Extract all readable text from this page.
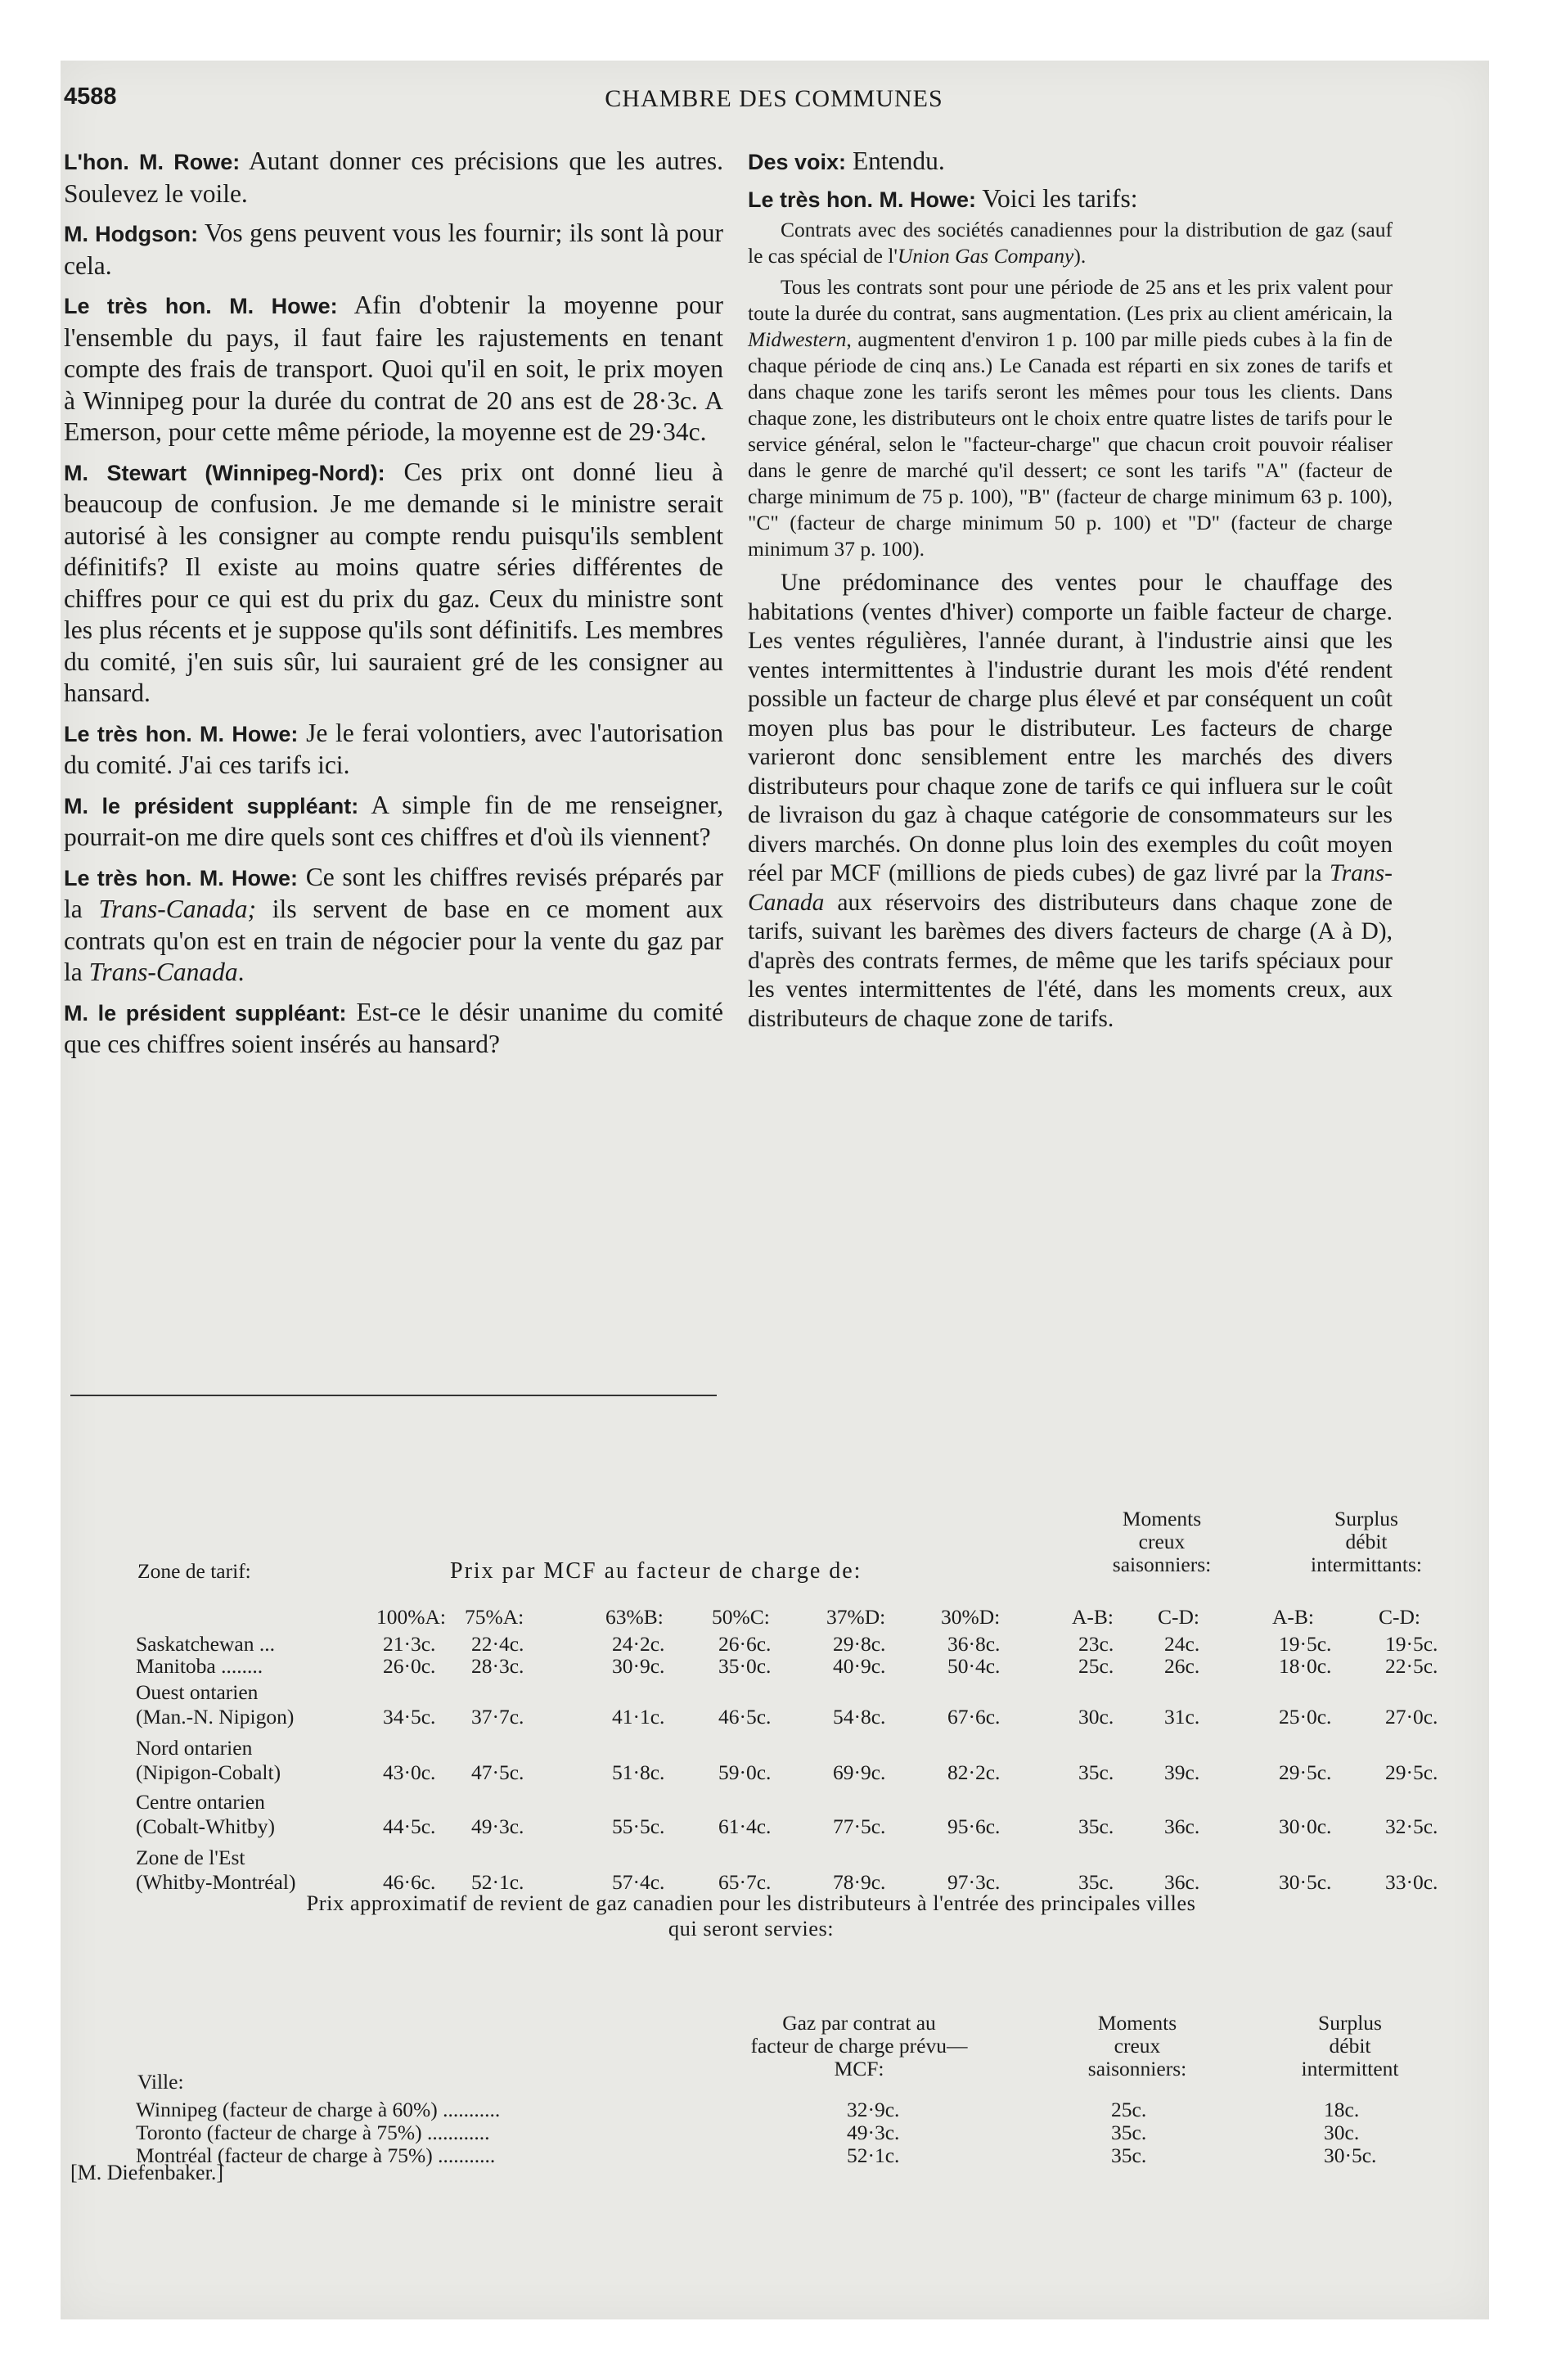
4588	CHAMBRE DES COMMUNES

L'hon. M. Rowe: Autant donner ces précisions que les autres. Soulevez le voile.

M. Hodgson: Vos gens peuvent vous les fournir; ils sont là pour cela.

Le très hon. M. Howe: Afin d'obtenir la moyenne pour l'ensemble du pays, il faut faire les rajustements en tenant compte des frais de transport. Quoi qu'il en soit, le prix moyen à Winnipeg pour la durée du contrat de 20 ans est de 28·3c. A Emerson, pour cette même période, la moyenne est de 29·34c.

M. Stewart (Winnipeg-Nord): Ces prix ont donné lieu à beaucoup de confusion. Je me demande si le ministre serait autorisé à les consigner au compte rendu puisqu'ils semblent définitifs? Il existe au moins quatre séries différentes de chiffres pour ce qui est du prix du gaz. Ceux du ministre sont les plus récents et je suppose qu'ils sont définitifs. Les membres du comité, j'en suis sûr, lui sauraient gré de les consigner au hansard.

Le très hon. M. Howe: Je le ferai volontiers, avec l'autorisation du comité. J'ai ces tarifs ici.

M. le président suppléant: A simple fin de me renseigner, pourrait-on me dire quels sont ces chiffres et d'où ils viennent?

Le très hon. M. Howe: Ce sont les chiffres revisés préparés par la Trans-Canada; ils servent de base en ce moment aux contrats qu'on est en train de négocier pour la vente du gaz par la Trans-Canada.

M. le président suppléant: Est-ce le désir unanime du comité que ces chiffres soient insérés au hansard?

Des voix: Entendu.

Le très hon. M. Howe: Voici les tarifs:

Contrats avec des sociétés canadiennes pour la distribution de gaz (sauf le cas spécial de l'Union Gas Company).

Tous les contrats sont pour une période de 25 ans et les prix valent pour toute la durée du contrat, sans augmentation. (Les prix au client américain, la Midwestern, augmentent d'environ 1 p. 100 par mille pieds cubes à la fin de chaque période de cinq ans.) Le Canada est réparti en six zones de tarifs et dans chaque zone les tarifs seront les mêmes pour tous les clients. Dans chaque zone, les distributeurs ont le choix entre quatre listes de tarifs pour le service général, selon le "facteur-charge" que chacun croit pouvoir réaliser dans le genre de marché qu'il dessert; ce sont les tarifs "A" (facteur de charge minimum de 75 p. 100), "B" (facteur de charge minimum 63 p. 100), "C" (facteur de charge minimum 50 p. 100) et "D" (facteur de charge minimum 37 p. 100).

Une prédominance des ventes pour le chauffage des habitations (ventes d'hiver) comporte un faible facteur de charge. Les ventes régulières, l'année durant, à l'industrie ainsi que les ventes intermittentes à l'industrie durant les mois d'été rendent possible un facteur de charge plus élevé et par conséquent un coût moyen plus bas pour le distributeur. Les facteurs de charge varieront donc sensiblement entre les marchés des divers distributeurs pour chaque zone de tarifs ce qui influera sur le coût de livraison du gaz à chaque catégorie de consommateurs sur les divers marchés. On donne plus loin des exemples du coût moyen réel par MCF (millions de pieds cubes) de gaz livré par la Trans-Canada aux réservoirs des distributeurs dans chaque zone de tarifs, suivant les barèmes des divers facteurs de charge (A à D), d'après des contrats fermes, de même que les tarifs spéciaux pour les ventes intermittentes de l'été, dans les moments creux, aux distributeurs de chaque zone de tarifs.

Zone de tarif:	Prix par MCF au facteur de charge de:
Moments
creux
saisonniers:
Surplus
débit
intermittants:
100%A: 75%A:	63%B: 50%C:	37%D:	30%D:	A-B: C-D:	A-B:	C-D:
Saskatchewan ...	21·3c. 22·4c.	24·2c.	26·6c.	29·8c.	36·8c.	23c. 24c.	19·5c.	19·5c.
Manitoba ........	26·0c. 28·3c.	30·9c.	35·0c.	40·9c.	50·4c.	25c. 26c.	18·0c.	22·5c.
Ouest ontarien
(Man.-N. Nipigon)	34·5c. 37·7c.	41·1c.	46·5c.	54·8c.	67·6c.	30c. 31c.	25·0c.	27·0c.
Nord ontarien
(Nipigon-Cobalt)	43·0c. 47·5c.	51·8c.	59·0c.	69·9c.	82·2c.	35c. 39c.	29·5c.	29·5c.
Centre ontarien
(Cobalt-Whitby)	44·5c. 49·3c.	55·5c.	61·4c.	77·5c.	95·6c.	35c. 36c.	30·0c.	32·5c.
Zone de l'Est
(Whitby-Montréal)	46·6c. 52·1c.	57·4c.	65·7c.	78·9c.	97·3c.	35c. 36c.	30·5c.	33·0c.
Prix approximatif de revient de gaz canadien pour les distributeurs à l'entrée des principales villes
qui seront servies:
Ville:
Gaz par contrat au
facteur de charge prévu—
MCF:
Moments
creux
saisonniers:
Surplus
débit
intermittent
Winnipeg (facteur de charge à 60%) ...........	32·9c.	25c.	18c.
Toronto (facteur de charge à 75%) ............	49·3c.	35c.	30c.
Montréal (facteur de charge à 75%) ...........	52·1c.	35c.	30·5c.
[M. Diefenbaker.]
